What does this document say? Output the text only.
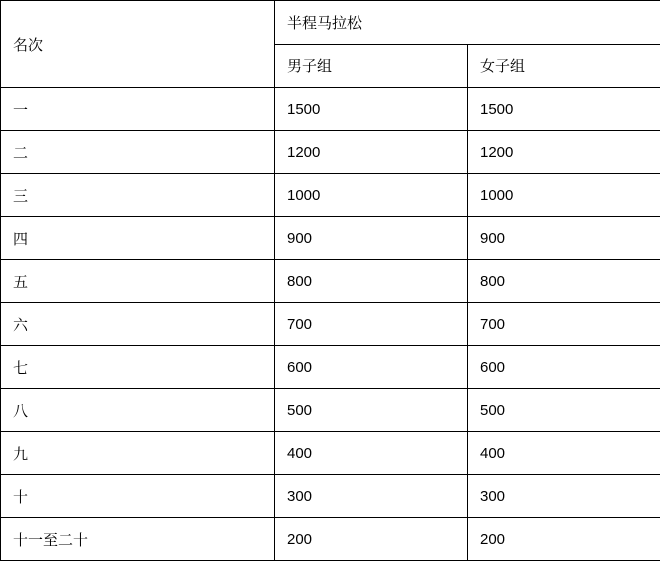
名次	半程马拉松	
	男子组	女子组
一	1500	1500
二	1200	1200
三	1000	1000
四	900	900
五	800	800
六	700	700
七	600	600
八	500	500
九	400	400
十	300	300
十一至二十	200	200
